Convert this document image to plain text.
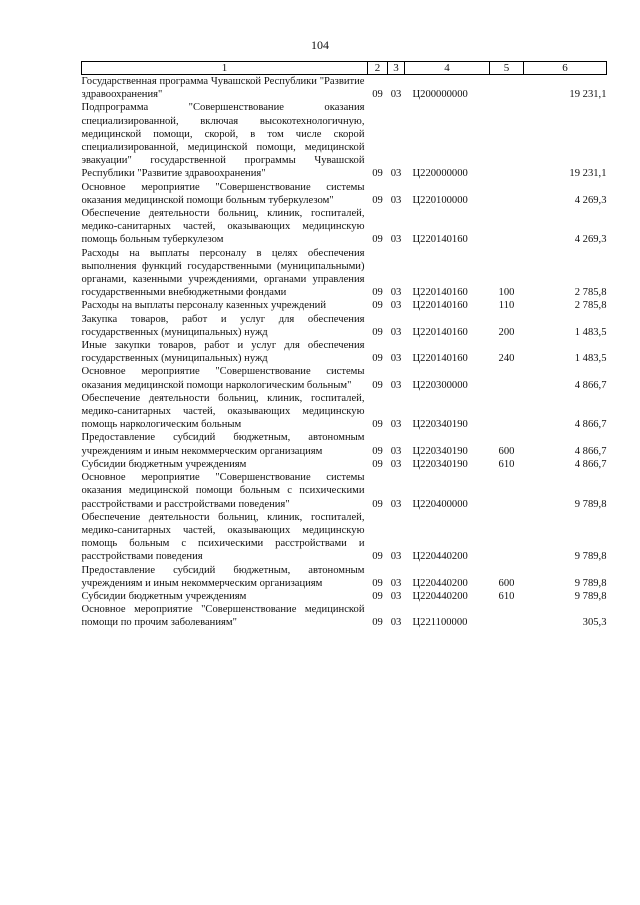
104
1	2	3	4	5	6
Государственная программа Чувашской Республики "Развитие здравоохранения"	09	03	Ц200000000		19 231,1
Подпрограмма "Совершенствование оказания специализированной, включая высокотехнологичную, медицинской помощи, скорой, в том числе скорой специализированной, медицинской помощи, медицинской эвакуации" государственной программы Чувашской Республики "Развитие здравоохранения"	09	03	Ц220000000		19 231,1
Основное мероприятие "Совершенствование системы оказания медицинской помощи больным туберкулезом"	09	03	Ц220100000		4 269,3
Обеспечение деятельности больниц, клиник, госпиталей, медико-санитарных частей, оказывающих медицинскую помощь больным туберкулезом	09	03	Ц220140160		4 269,3
Расходы на выплаты персоналу в целях обеспечения выполнения функций государственными (муниципальными) органами, казенными учреждениями, органами управления государственными внебюджетными фондами	09	03	Ц220140160	100	2 785,8
Расходы на выплаты персоналу казенных учреждений	09	03	Ц220140160	110	2 785,8
Закупка товаров, работ и услуг для обеспечения государственных (муниципальных) нужд	09	03	Ц220140160	200	1 483,5
Иные закупки товаров, работ и услуг для обеспечения государственных (муниципальных) нужд	09	03	Ц220140160	240	1 483,5
Основное мероприятие "Совершенствование системы оказания медицинской помощи наркологическим больным"	09	03	Ц220300000		4 866,7
Обеспечение деятельности больниц, клиник, госпиталей, медико-санитарных частей, оказывающих медицинскую помощь наркологическим больным	09	03	Ц220340190		4 866,7
Предоставление субсидий бюджетным, автономным учреждениям и иным некоммерческим организациям	09	03	Ц220340190	600	4 866,7
Субсидии бюджетным учреждениям	09	03	Ц220340190	610	4 866,7
Основное мероприятие "Совершенствование системы оказания медицинской помощи больным с психическими расстройствами и расстройствами поведения"	09	03	Ц220400000		9 789,8
Обеспечение деятельности больниц, клиник, госпиталей, медико-санитарных частей, оказывающих медицинскую помощь больным с психическими расстройствами и расстройствами поведения	09	03	Ц220440200		9 789,8
Предоставление субсидий бюджетным, автономным учреждениям и иным некоммерческим организациям	09	03	Ц220440200	600	9 789,8
Субсидии бюджетным учреждениям	09	03	Ц220440200	610	9 789,8
Основное мероприятие "Совершенствование медицинской помощи по прочим заболеваниям"	09	03	Ц221100000		305,3
